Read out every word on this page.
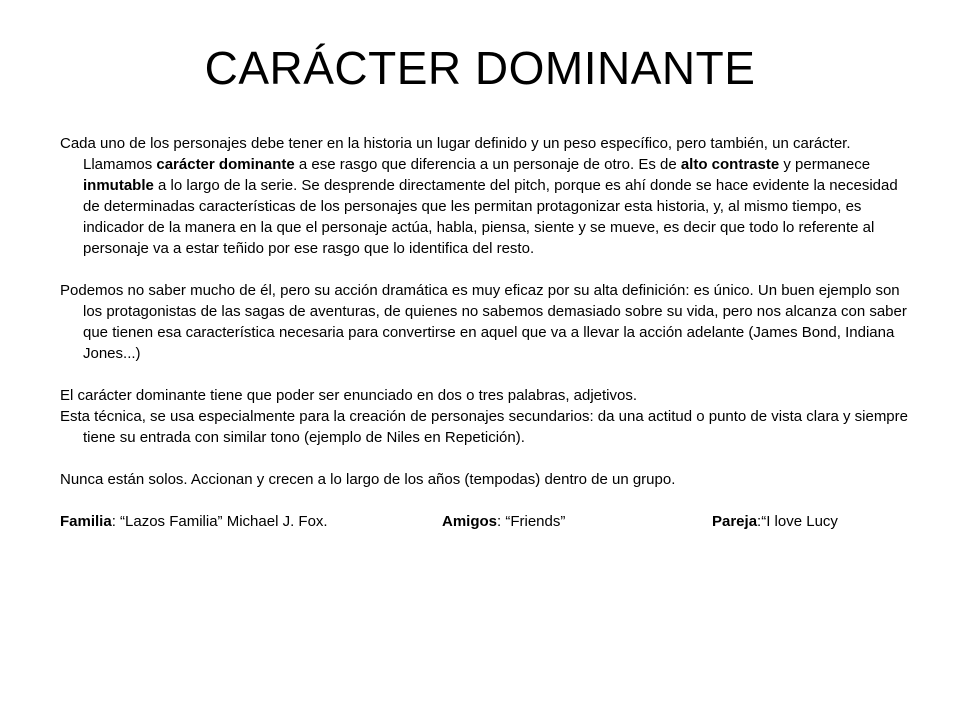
CARÁCTER DOMINANTE

Cada uno de los personajes debe tener en la historia un lugar definido y un peso específico, pero también, un carácter. Llamamos carácter dominante a ese rasgo que diferencia a un personaje de otro. Es de alto contraste y permanece inmutable a lo largo de la serie. Se desprende directamente del pitch, porque es ahí donde se hace evidente la necesidad de determinadas características de los personajes que les permitan protagonizar esta historia, y, al mismo tiempo, es indicador de la manera en la que el personaje actúa, habla, piensa, siente y se mueve, es decir que todo lo referente al personaje va a estar teñido por ese rasgo que lo identifica del resto.

Podemos no saber mucho de él, pero su acción dramática es muy eficaz por su alta definición: es único. Un buen ejemplo son los protagonistas de las sagas de aventuras, de quienes no sabemos demasiado sobre su vida, pero nos alcanza con saber que tienen esa característica necesaria para convertirse en aquel que va a llevar la acción adelante (James Bond, Indiana Jones...)

El carácter dominante tiene que poder ser enunciado en dos o tres palabras, adjetivos.

Esta técnica, se usa especialmente para la creación de personajes secundarios: da una actitud o punto de vista clara y siempre tiene su entrada con similar tono (ejemplo de Niles en Repetición).

Nunca están solos. Accionan y crecen a lo largo de los años (tempodas) dentro de un grupo.

Familia: “Lazos Familia” Michael J. Fox.	Amigos: “Friends”	Pareja:“I love Lucy
